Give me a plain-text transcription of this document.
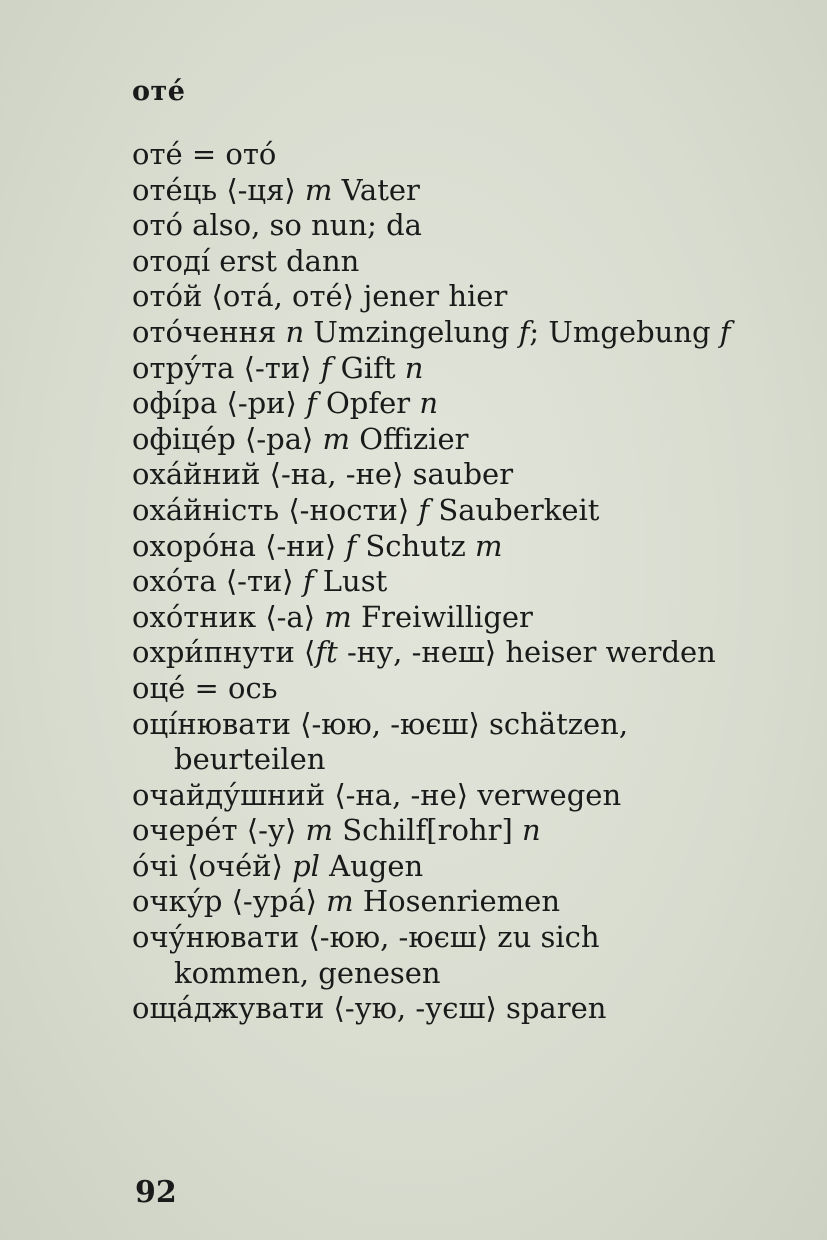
отé
оте́ = ото́
оте́ць ⟨-ця⟩ m Vater
ото́ also, so nun; da
отоді́ erst dann
ото́й ⟨ота́, оте́⟩ jener hier
ото́чення n Umzingelung f; Umgebung f
отру́та ⟨-ти⟩ f Gift n
офі́ра ⟨-ри⟩ f Opfer n
офіце́р ⟨-ра⟩ m Offizier
оха́йний ⟨-на, -не⟩ sauber
оха́йність ⟨-ности⟩ f Sauberkeit
охоро́на ⟨-ни⟩ f Schutz m
охо́та ⟨-ти⟩ f Lust
охо́тник ⟨-а⟩ m Freiwilliger
охри́пнути ⟨ft -ну, -неш⟩ heiser werden
оце́ = ось
оці́нювати ⟨-юю, -юєш⟩ schätzen, beurteilen
очайду́шний ⟨-на, -не⟩ verwegen
очере́т ⟨-у⟩ m Schilf[rohr] n
о́чі ⟨оче́й⟩ pl Augen
очку́р ⟨-ура́⟩ m Hosenriemen
очу́нювати ⟨-юю, -юєш⟩ zu sich kommen, genesen
оща́джувати ⟨-ую, -уєш⟩ sparen
92
